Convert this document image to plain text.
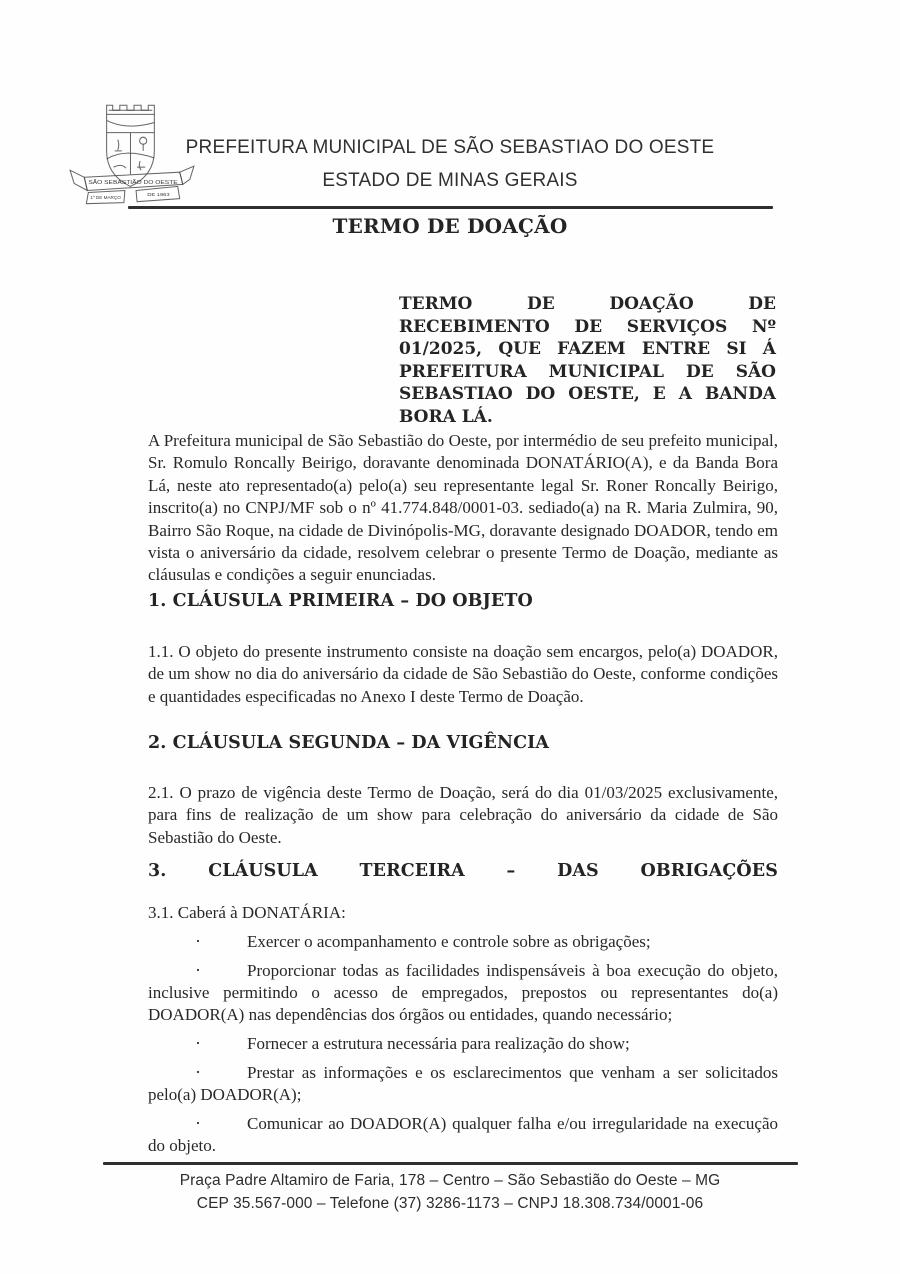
SÃO SEBASTIÃO DO OESTE
1º DE MARÇO
DE 1963
PREFEITURA MUNICIPAL DE SÃO SEBASTIAO DO OESTE
ESTADO DE MINAS GERAIS
TERMO DE DOAÇÃO
TERMO DE DOAÇÃO DE RECEBIMENTO DE SERVIÇOS Nº 01/2025, QUE FAZEM ENTRE SI Á PREFEITURA MUNICIPAL DE SÃO SEBASTIAO DO OESTE, E A BANDA BORA LÁ.
A Prefeitura municipal de São Sebastião do Oeste, por intermédio de seu prefeito municipal, Sr. Romulo Roncally Beirigo, doravante denominada DONATÁRIO(A), e da Banda Bora Lá, neste ato representado(a) pelo(a) seu representante legal Sr. Roner Roncally Beirigo, inscrito(a) no CNPJ/MF sob o nº 41.774.848/0001-03. sediado(a) na R. Maria Zulmira, 90, Bairro São Roque, na cidade de Divinópolis-MG, doravante designado DOADOR, tendo em vista o aniversário da cidade, resolvem celebrar o presente Termo de Doação, mediante as cláusulas e condições a seguir enunciadas.
1. CLÁUSULA PRIMEIRA – DO OBJETO
1.1. O objeto do presente instrumento consiste na doação sem encargos, pelo(a) DOADOR, de um show no dia do aniversário da cidade de São Sebastião do Oeste, conforme condições e quantidades especificadas no Anexo I deste Termo de Doação.
2. CLÁUSULA SEGUNDA – DA VIGÊNCIA
2.1. O prazo de vigência deste Termo de Doação, será do dia 01/03/2025 exclusivamente, para fins de realização de um show para celebração do aniversário da cidade de São Sebastião do Oeste.
3. CLÁUSULA TERCEIRA – DAS OBRIGAÇÕES
3.1. Caberá à DONATÁRIA:

·	Exercer o acompanhamento e controle sobre as obrigações;

·	Proporcionar todas as facilidades indispensáveis à boa execução do objeto, inclusive permitindo o acesso de empregados, prepostos ou representantes do(a) DOADOR(A) nas dependências dos órgãos ou entidades, quando necessário;

·	Fornecer a estrutura necessária para realização do show;

·	Prestar as informações e os esclarecimentos que venham a ser solicitados pelo(a) DOADOR(A);

·	Comunicar ao DOADOR(A) qualquer falha e/ou irregularidade na execução do objeto.

Praça Padre Altamiro de Faria, 178 – Centro – São Sebastião do Oeste – MG
CEP 35.567-000 – Telefone (37) 3286-1173 – CNPJ 18.308.734/0001-06
